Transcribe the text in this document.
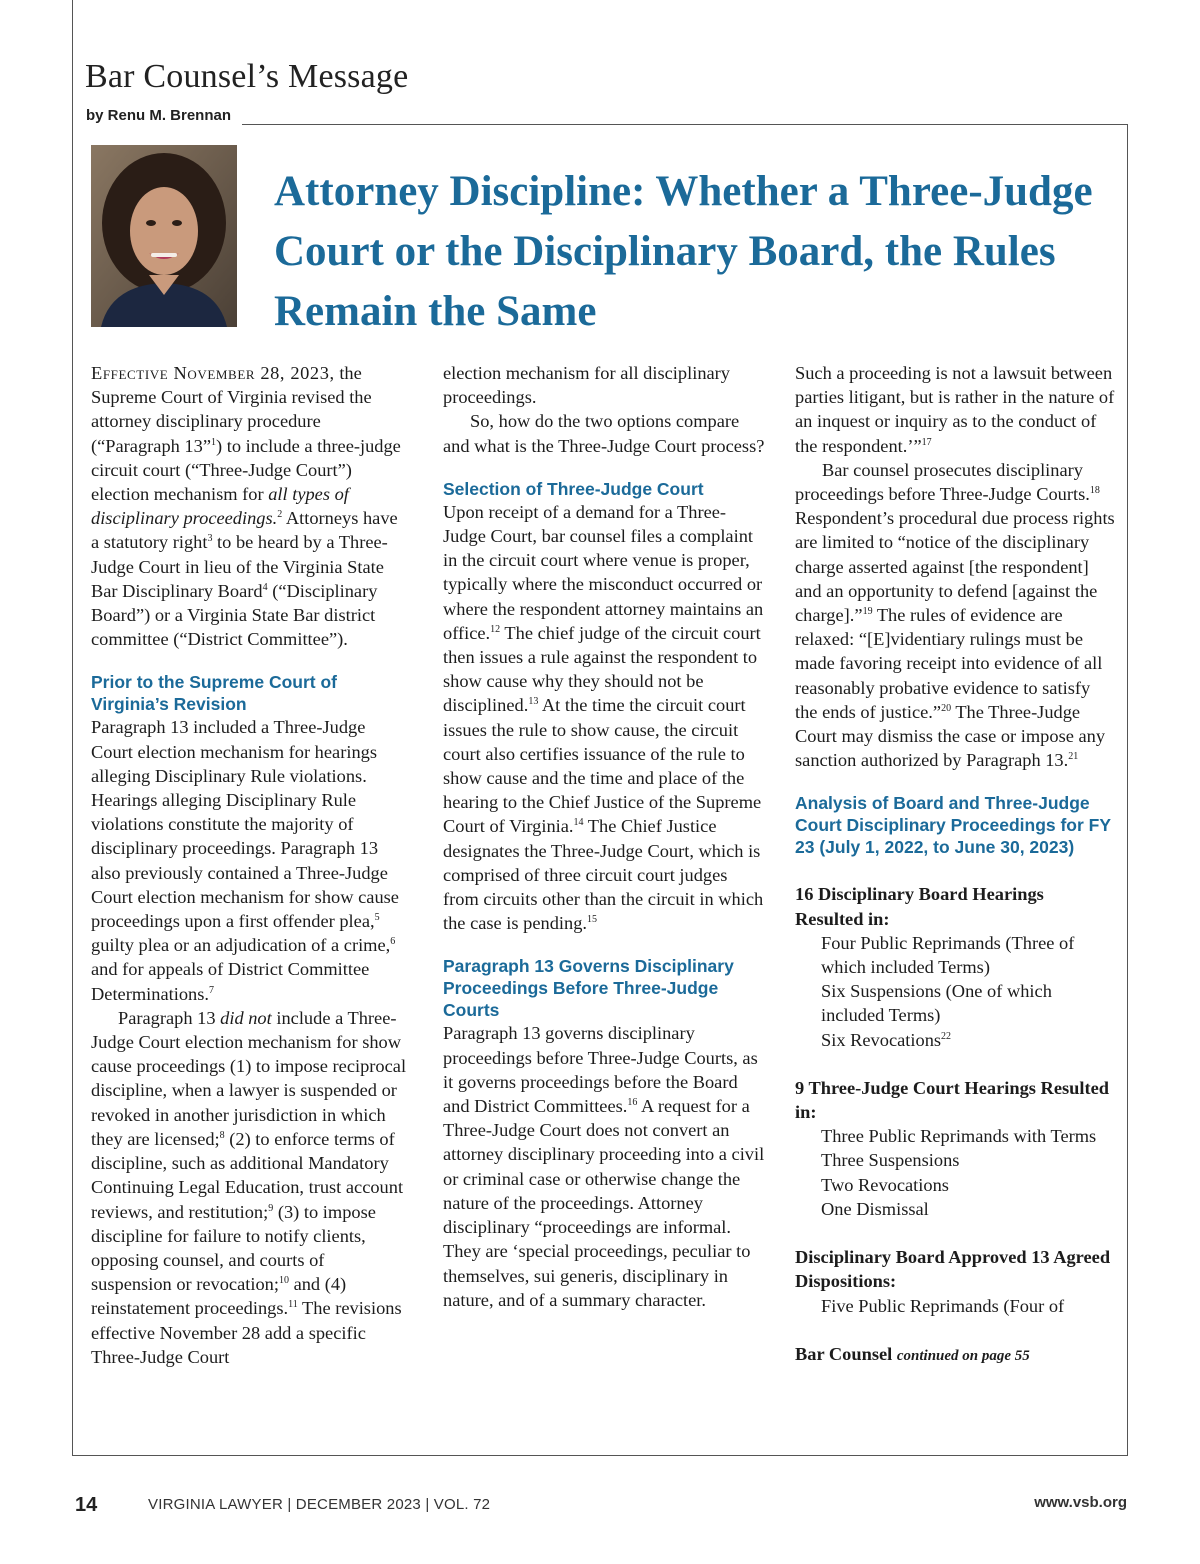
Bar Counsel’s Message
by Renu M. Brennan
Attorney Discipline: Whether a Three-Judge Court or the Disciplinary Board, the Rules Remain the Same

Effective November 28, 2023, the Supreme Court of Virginia revised the attorney disciplinary procedure (“Paragraph 13”$^1$) to include a three-judge circuit court (“Three-Judge Court”) election mechanism for all types of disciplinary proceedings.$^2$ Attorneys have a statutory right$^3$ to be heard by a Three-Judge Court in lieu of the Virginia State Bar Disciplinary Board$^4$ (“Disciplinary Board”) or a Virginia State Bar district committee (“District Committee”).

Prior to the Supreme Court of Virginia’s Revision

Paragraph 13 included a Three-Judge Court election mechanism for hearings alleging Disciplinary Rule violations. Hearings alleging Disciplinary Rule violations constitute the majority of disciplinary proceedings. Paragraph 13 also previously contained a Three-Judge Court election mechanism for show cause proceedings upon a first offender plea,$^5$ guilty plea or an adjudication of a crime,$^6$ and for appeals of District Committee Determinations.$^7$

Paragraph 13 did not include a Three-Judge Court election mechanism for show cause proceedings (1) to impose reciprocal discipline, when a lawyer is suspended or revoked in another jurisdiction in which they are licensed;$^8$ (2) to enforce terms of discipline, such as additional Mandatory Continuing Legal Education, trust account reviews, and restitution;$^9$ (3) to impose discipline for failure to notify clients, opposing counsel, and courts of suspension or revocation;$^{10}$ and (4) reinstatement proceedings.$^{11}$ The revisions effective November 28 add a specific Three-Judge Court

election mechanism for all disciplinary proceedings.

So, how do the two options compare and what is the Three-Judge Court process?

Selection of Three-Judge Court

Upon receipt of a demand for a Three-Judge Court, bar counsel files a complaint in the circuit court where venue is proper, typically where the misconduct occurred or where the respondent attorney maintains an office.$^{12}$ The chief judge of the circuit court then issues a rule against the respondent to show cause why they should not be disciplined.$^{13}$ At the time the circuit court issues the rule to show cause, the circuit court also certifies issuance of the rule to show cause and the time and place of the hearing to the Chief Justice of the Supreme Court of Virginia.$^{14}$ The Chief Justice designates the Three-Judge Court, which is comprised of three circuit court judges from circuits other than the circuit in which the case is pending.$^{15}$

Paragraph 13 Governs Disciplinary Proceedings Before Three-Judge Courts

Paragraph 13 governs disciplinary proceedings before Three-Judge Courts, as it governs proceedings before the Board and District Committees.$^{16}$ A request for a Three-Judge Court does not convert an attorney disciplinary proceeding into a civil or criminal case or otherwise change the nature of the proceedings. Attorney disciplinary “proceedings are informal. They are ‘special proceedings, peculiar to themselves, sui generis, disciplinary in nature, and of a summary character.

Such a proceeding is not a lawsuit between parties litigant, but is rather in the nature of an inquest or inquiry as to the conduct of the respondent.’”$^{17}$

Bar counsel prosecutes disciplinary proceedings before Three-Judge Courts.$^{18}$ Respondent’s procedural due process rights are limited to “notice of the disciplinary charge asserted against [the respondent] and an opportunity to defend [against the charge].”$^{19}$ The rules of evidence are relaxed: “[E]videntiary rulings must be made favoring receipt into evidence of all reasonably probative evidence to satisfy the ends of justice.”$^{20}$ The Three-Judge Court may dismiss the case or impose any sanction authorized by Paragraph 13.21

Analysis of Board and Three-Judge Court Disciplinary Proceedings for FY 23 (July 1, 2022, to June 30, 2023)

16 Disciplinary Board Hearings Resulted in:

Four Public Reprimands (Three of which included Terms)

Six Suspensions (One of which included Terms)

Six Revocations$^{22}$

9 Three-Judge Court Hearings Resulted in:

Three Public Reprimands with Terms

Three Suspensions

Two Revocations

One Dismissal

Disciplinary Board Approved 13 Agreed Dispositions:

Five Public Reprimands (Four of

Bar Counsel continued on page 55

14	VIRGINIA LAWYER | DECEMBER 2023 | VOL. 72	www.vsb.org
